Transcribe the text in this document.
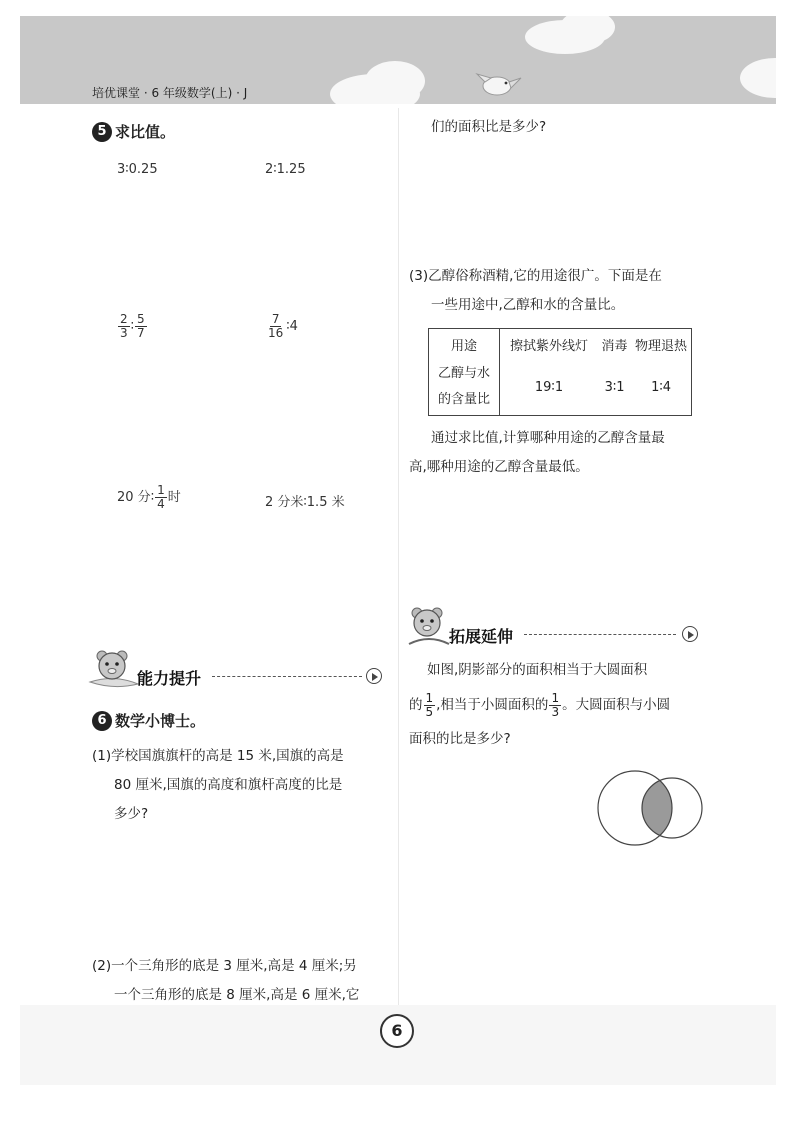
培优课堂 · 6 年级数学(上) · J
5 求比值。
3∶0.25	2∶1.25
$\frac{2}{3}$ ∶ $\frac{5}{7}$	$\frac{7}{16}$ ∶4
20 分∶ $\frac{1}{4}$ 时	2 分米∶1.5 米
能力提升
6 数学小博士。
(1)学校国旗旗杆的高是 15 米,国旗的高是
80 厘米,国旗的高度和旗杆高度的比是
多少?
(2)一个三角形的底是 3 厘米,高是 4 厘米;另
一个三角形的底是 8 厘米,高是 6 厘米,它
们的面积比是多少?
(3)乙醇俗称酒精,它的用途很广。下面是在
一些用途中,乙醇和水的含量比。
用途	擦拭紫外线灯	消毒	物理退热

乙醇与水
的含量比	19∶1	3∶1	1∶4
通过求比值,计算哪种用途的乙醇含量最
高,哪种用途的乙醇含量最低。
拓展延伸
如图,阴影部分的面积相当于大圆面积
的 $\frac{1}{5}$ ,相当于小圆面积的 $\frac{1}{3}$ 。大圆面积与小圆
面积的比是多少?
6
